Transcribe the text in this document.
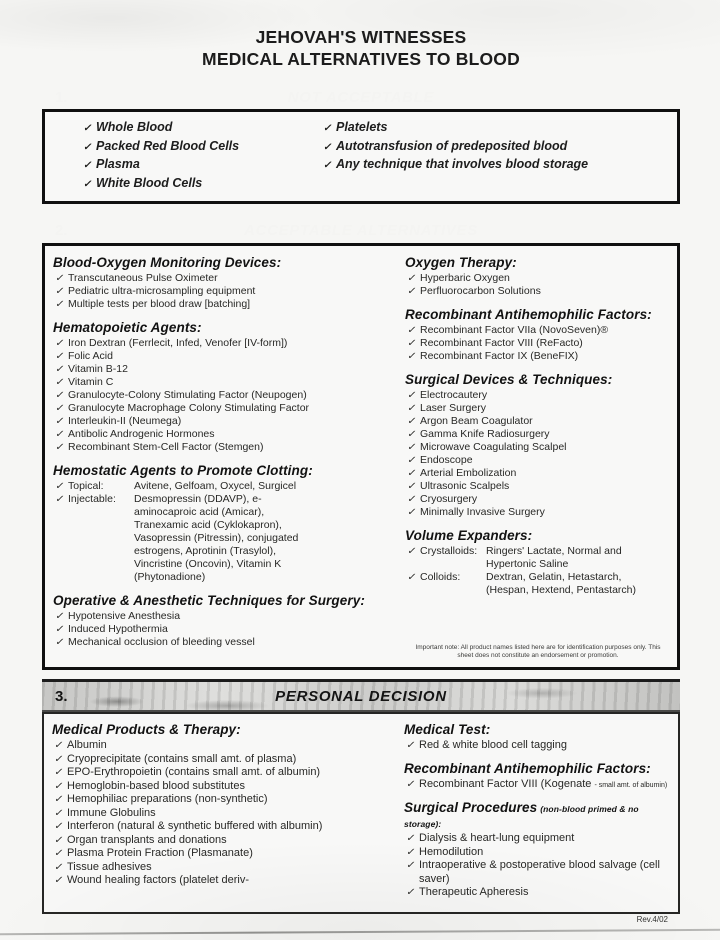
JEHOVAH'S WITNESSES
MEDICAL ALTERNATIVES TO BLOOD
1.	NOT ACCEPTABLE
✓ Whole Blood
✓ Packed Red Blood Cells
✓ Plasma
✓ White Blood Cells
✓ Platelets
✓ Autotransfusion of predeposited blood
✓ Any technique that involves blood storage
2.	ACCEPTABLE ALTERNATIVES
Blood-Oxygen Monitoring Devices:
✓ Transcutaneous Pulse Oximeter
✓ Pediatric ultra-microsampling equipment
✓ Multiple tests per blood draw [batching]
Hematopoietic Agents:
✓ Iron Dextran (Ferrlecit, Infed, Venofer [IV-form])
✓ Folic Acid
✓ Vitamin B-12
✓ Vitamin C
✓ Granulocyte-Colony Stimulating Factor (Neupogen)
✓ Granulocyte Macrophage Colony Stimulating Factor
✓ Interleukin-II (Neumega)
✓ Antibolic Androgenic Hormones
✓ Recombinant Stem-Cell Factor (Stemgen)
Hemostatic Agents to Promote Clotting:
✓ Topical:	Avitene, Gelfoam, Oxycel, Surgicel
✓ Injectable:	Desmopressin (DDAVP), e-aminocaproic acid (Amicar), Tranexamic acid (Cyklokapron), Vasopressin (Pitressin), conjugated estrogens, Aprotinin (Trasylol), Vincristine (Oncovin), Vitamin K (Phytonadione)
Operative & Anesthetic Techniques for Surgery:
✓ Hypotensive Anesthesia
✓ Induced Hypothermia
✓ Mechanical occlusion of bleeding vessel
Oxygen Therapy:
✓ Hyperbaric Oxygen
✓ Perfluorocarbon Solutions
Recombinant Antihemophilic Factors:
✓ Recombinant Factor VIIa (NovoSeven)®
✓ Recombinant Factor VIII (ReFacto)
✓ Recombinant Factor IX (BeneFIX)
Surgical Devices & Techniques:
✓ Electrocautery
✓ Laser Surgery
✓ Argon Beam Coagulator
✓ Gamma Knife Radiosurgery
✓ Microwave Coagulating Scalpel
✓ Endoscope
✓ Arterial Embolization
✓ Ultrasonic Scalpels
✓ Cryosurgery
✓ Minimally Invasive Surgery
Volume Expanders:
✓ Crystalloids: Ringers' Lactate, Normal and Hypertonic Saline
✓ Colloids:	Dextran, Gelatin, Hetastarch, (Hespan, Hextend, Pentastarch)
Important note: All product names listed here are for identification purposes only. This sheet does not constitute an endorsement or promotion.
3.	PERSONAL DECISION
Medical Products & Therapy:
✓ Albumin
✓ Cryoprecipitate (contains small amt. of plasma)
✓ EPO-Erythropoietin (contains small amt. of albumin)
✓ Hemoglobin-based blood substitutes
✓ Hemophiliac preparations (non-synthetic)
✓ Immune Globulins
✓ Interferon (natural & synthetic buffered with albumin)
✓ Organ transplants and donations
✓ Plasma Protein Fraction (Plasmanate)
✓ Tissue adhesives
✓ Wound healing factors (platelet deriv-
Medical Test:
✓ Red & white blood cell tagging
Recombinant Antihemophilic Factors:
✓ Recombinant Factor VIII (Kogenate - small amt. of albumin)
Surgical Procedures (non-blood primed & no storage):
✓ Dialysis & heart-lung equipment
✓ Hemodilution
✓ Intraoperative & postoperative blood salvage (cell saver)
✓ Therapeutic Apheresis
Rev.4/02
